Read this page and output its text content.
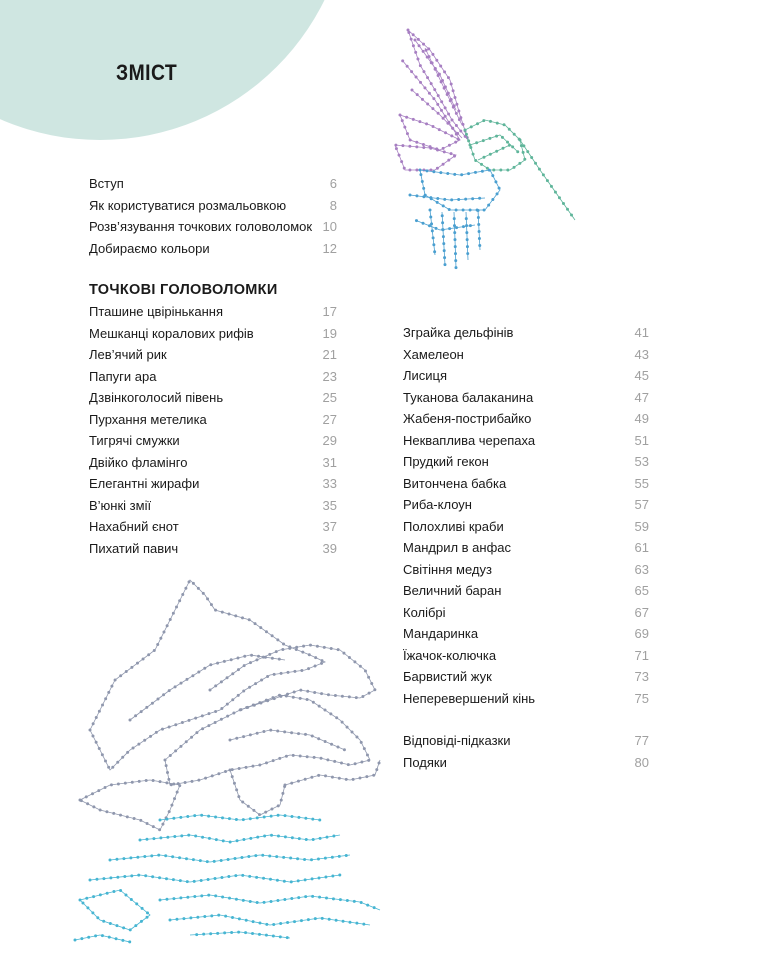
ЗМІСТ
Вступ	6
Як користуватися розмальовкою	8
Розв’язування точкових головоломок 10
Добираємо кольори	12
ТОЧКОВІ ГОЛОВОЛОМКИ
Пташине цвірінькання	17
Мешканці коралових рифів	19
Лев’ячий рик	21
Папуги ара	23
Дзвінкоголосий півень	25
Пурхання метелика	27
Тигрячі смужки	29
Двійко фламінго	31
Елегантні жирафи	33
В’юнкі змії	35
Нахабний єнот	37
Пихатий павич	39
Зграйка дельфінів	41
Хамелеон	43
Лисиця	45
Туканова балаканина	47
Жабеня-пострибайко	49
Некваплива черепаха	51
Прудкий гекон	53
Витончена бабка	55
Риба-клоун	57
Полохливі краби	59
Мандрил в анфас	61
Світіння медуз	63
Величний баран	65
Колібрі	67
Мандаринка	69
Їжачок-колючка	71
Барвистий жук	73
Неперевершений кінь	75
Відповіді-підказки	77
Подяки	80
